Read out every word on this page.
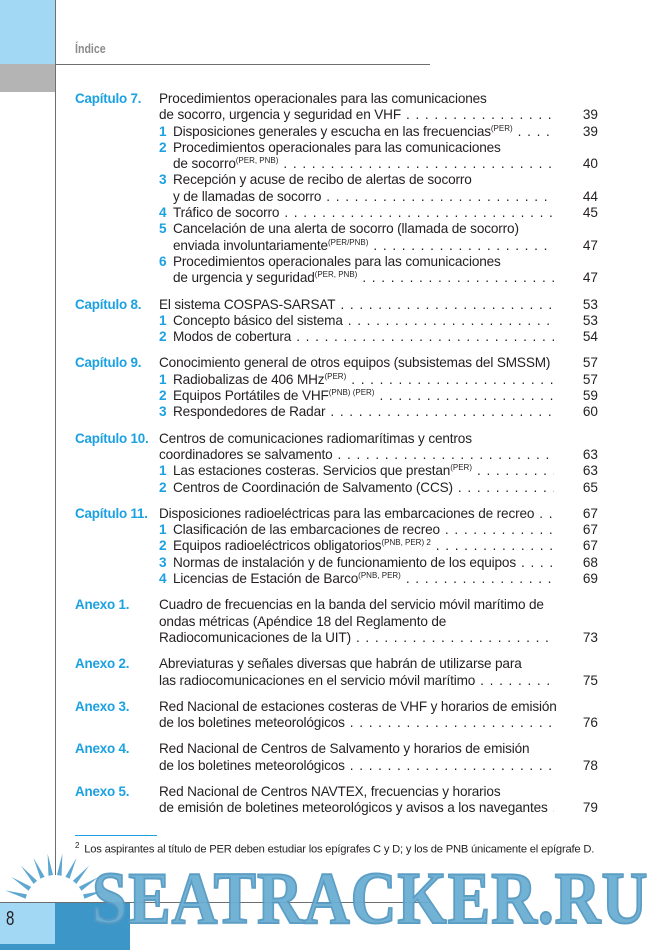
Índice
Capítulo 7. Procedimientos operacionales para las comunicaciones
de socorro, urgencia y seguridad en VHF . . .	39
1 Disposiciones generales y escucha en las frecuencias$^{(PER)}$ . . .	39
2 Procedimientos operacionales para las comunicaciones
de socorro$^{(PER, PNB)}$ . . .	40
3 Recepción y acuse de recibo de alertas de socorro
y de llamadas de socorro . . .	44
4 Tráfico de socorro . . .	45
5 Cancelación de una alerta de socorro (llamada de socorro)
enviada involuntariamente$^{(PER/PNB)}$ . . .	47
6 Procedimientos operacionales para las comunicaciones
de urgencia y seguridad$^{(PER, PNB)}$ . . .	47
Capítulo 8. El sistema COSPAS-SARSAT . . .	53
1 Concepto básico del sistema . . .	53
2 Modos de cobertura . . .	54
Capítulo 9. Conocimiento general de otros equipos (subsistemas del SMSSM)	57
1 Radiobalizas de 406 MHz$^{(PER)}$ . . .	57
2 Equipos Portátiles de $VHF^{(PNB) (PER)}$ . . .	59
3 Respondedores de Radar . . .	60
Capítulo 10. Centros de comunicaciones radiomarítimas y centros
coordinadores se salvamento . . .	63
1 Las estaciones costeras. Servicios que prestan$^{(PER)}$ . . .	63
2 Centros de Coordinación de Salvamento (CCS) . . .	65
Capítulo 11. Disposiciones radioeléctricas para las embarcaciones de recreo . . .	67
1 Clasificación de las embarcaciones de recreo . . .	67
2 Equipos radioeléctricos obligatorios$^{(PNB, PER) 2}$ . . .	67
3 Normas de instalación y de funcionamiento de los equipos . . .	68
4 Licencias de Estación de Barco$^{(PNB, PER)}$ . . .	69
Anexo 1. Cuadro de frecuencias en la banda del servicio móvil marítimo de
ondas métricas (Apéndice 18 del Reglamento de
Radiocomunicaciones de la UIT) . . .	73
Anexo 2. Abreviaturas y señales diversas que habrán de utilizarse para
las radiocomunicaciones en el servicio móvil marítimo . . .	75
Anexo 3. Red Nacional de estaciones costeras de VHF y horarios de emisión
de los boletines meteorológicos . . .	76
Anexo 4. Red Nacional de Centros de Salvamento y horarios de emisión
de los boletines meteorológicos . . .	78
Anexo 5. Red Nacional de Centros NAVTEX, frecuencias y horarios
de emisión de boletines meteorológicos y avisos a los navegantes . . .	79
$^2$ Los aspirantes al título de PER deben estudiar los epígrafes C y D; y los de PNB únicamente el epígrafe D.
SEATRACKER.RU
8
